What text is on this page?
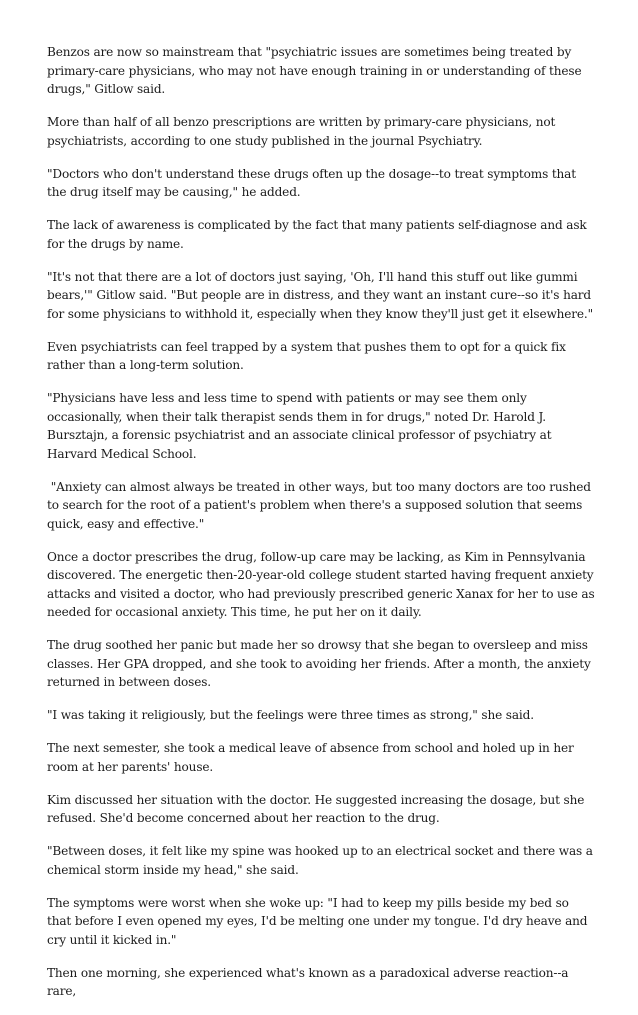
Benzos are now so mainstream that "psychiatric issues are sometimes being treated by primary-care physicians, who may not have enough training in or understanding of these drugs," Gitlow said.

More than half of all benzo prescriptions are written by primary-care physicians, not psychiatrists, according to one study published in the journal Psychiatry.

"Doctors who don't understand these drugs often up the dosage--to treat symptoms that the drug itself may be causing," he added.

The lack of awareness is complicated by the fact that many patients self-diagnose and ask for the drugs by name.

"It's not that there are a lot of doctors just saying, 'Oh, I'll hand this stuff out like gummi bears,'" Gitlow said. "But people are in distress, and they want an instant cure--so it's hard for some physicians to withhold it, especially when they know they'll just get it elsewhere."

Even psychiatrists can feel trapped by a system that pushes them to opt for a quick fix rather than a long-term solution.

"Physicians have less and less time to spend with patients or may see them only occasionally, when their talk therapist sends them in for drugs," noted Dr. Harold J. Bursztajn, a forensic psychiatrist and an associate clinical professor of psychiatry at Harvard Medical School.

"Anxiety can almost always be treated in other ways, but too many doctors are too rushed to search for the root of a patient's problem when there's a supposed solution that seems quick, easy and effective."

Once a doctor prescribes the drug, follow-up care may be lacking, as Kim in Pennsylvania discovered. The energetic then-20-year-old college student started having frequent anxiety attacks and visited a doctor, who had previously prescribed generic Xanax for her to use as needed for occasional anxiety. This time, he put her on it daily.

The drug soothed her panic but made her so drowsy that she began to oversleep and miss classes. Her GPA dropped, and she took to avoiding her friends. After a month, the anxiety returned in between doses.

"I was taking it religiously, but the feelings were three times as strong," she said.

The next semester, she took a medical leave of absence from school and holed up in her room at her parents' house.

Kim discussed her situation with the doctor. He suggested increasing the dosage, but she refused. She'd become concerned about her reaction to the drug.

"Between doses, it felt like my spine was hooked up to an electrical socket and there was a chemical storm inside my head," she said.

The symptoms were worst when she woke up: "I had to keep my pills beside my bed so that before I even opened my eyes, I'd be melting one under my tongue. I'd dry heave and cry until it kicked in."

Then one morning, she experienced what's known as a paradoxical adverse reaction--a rare,
